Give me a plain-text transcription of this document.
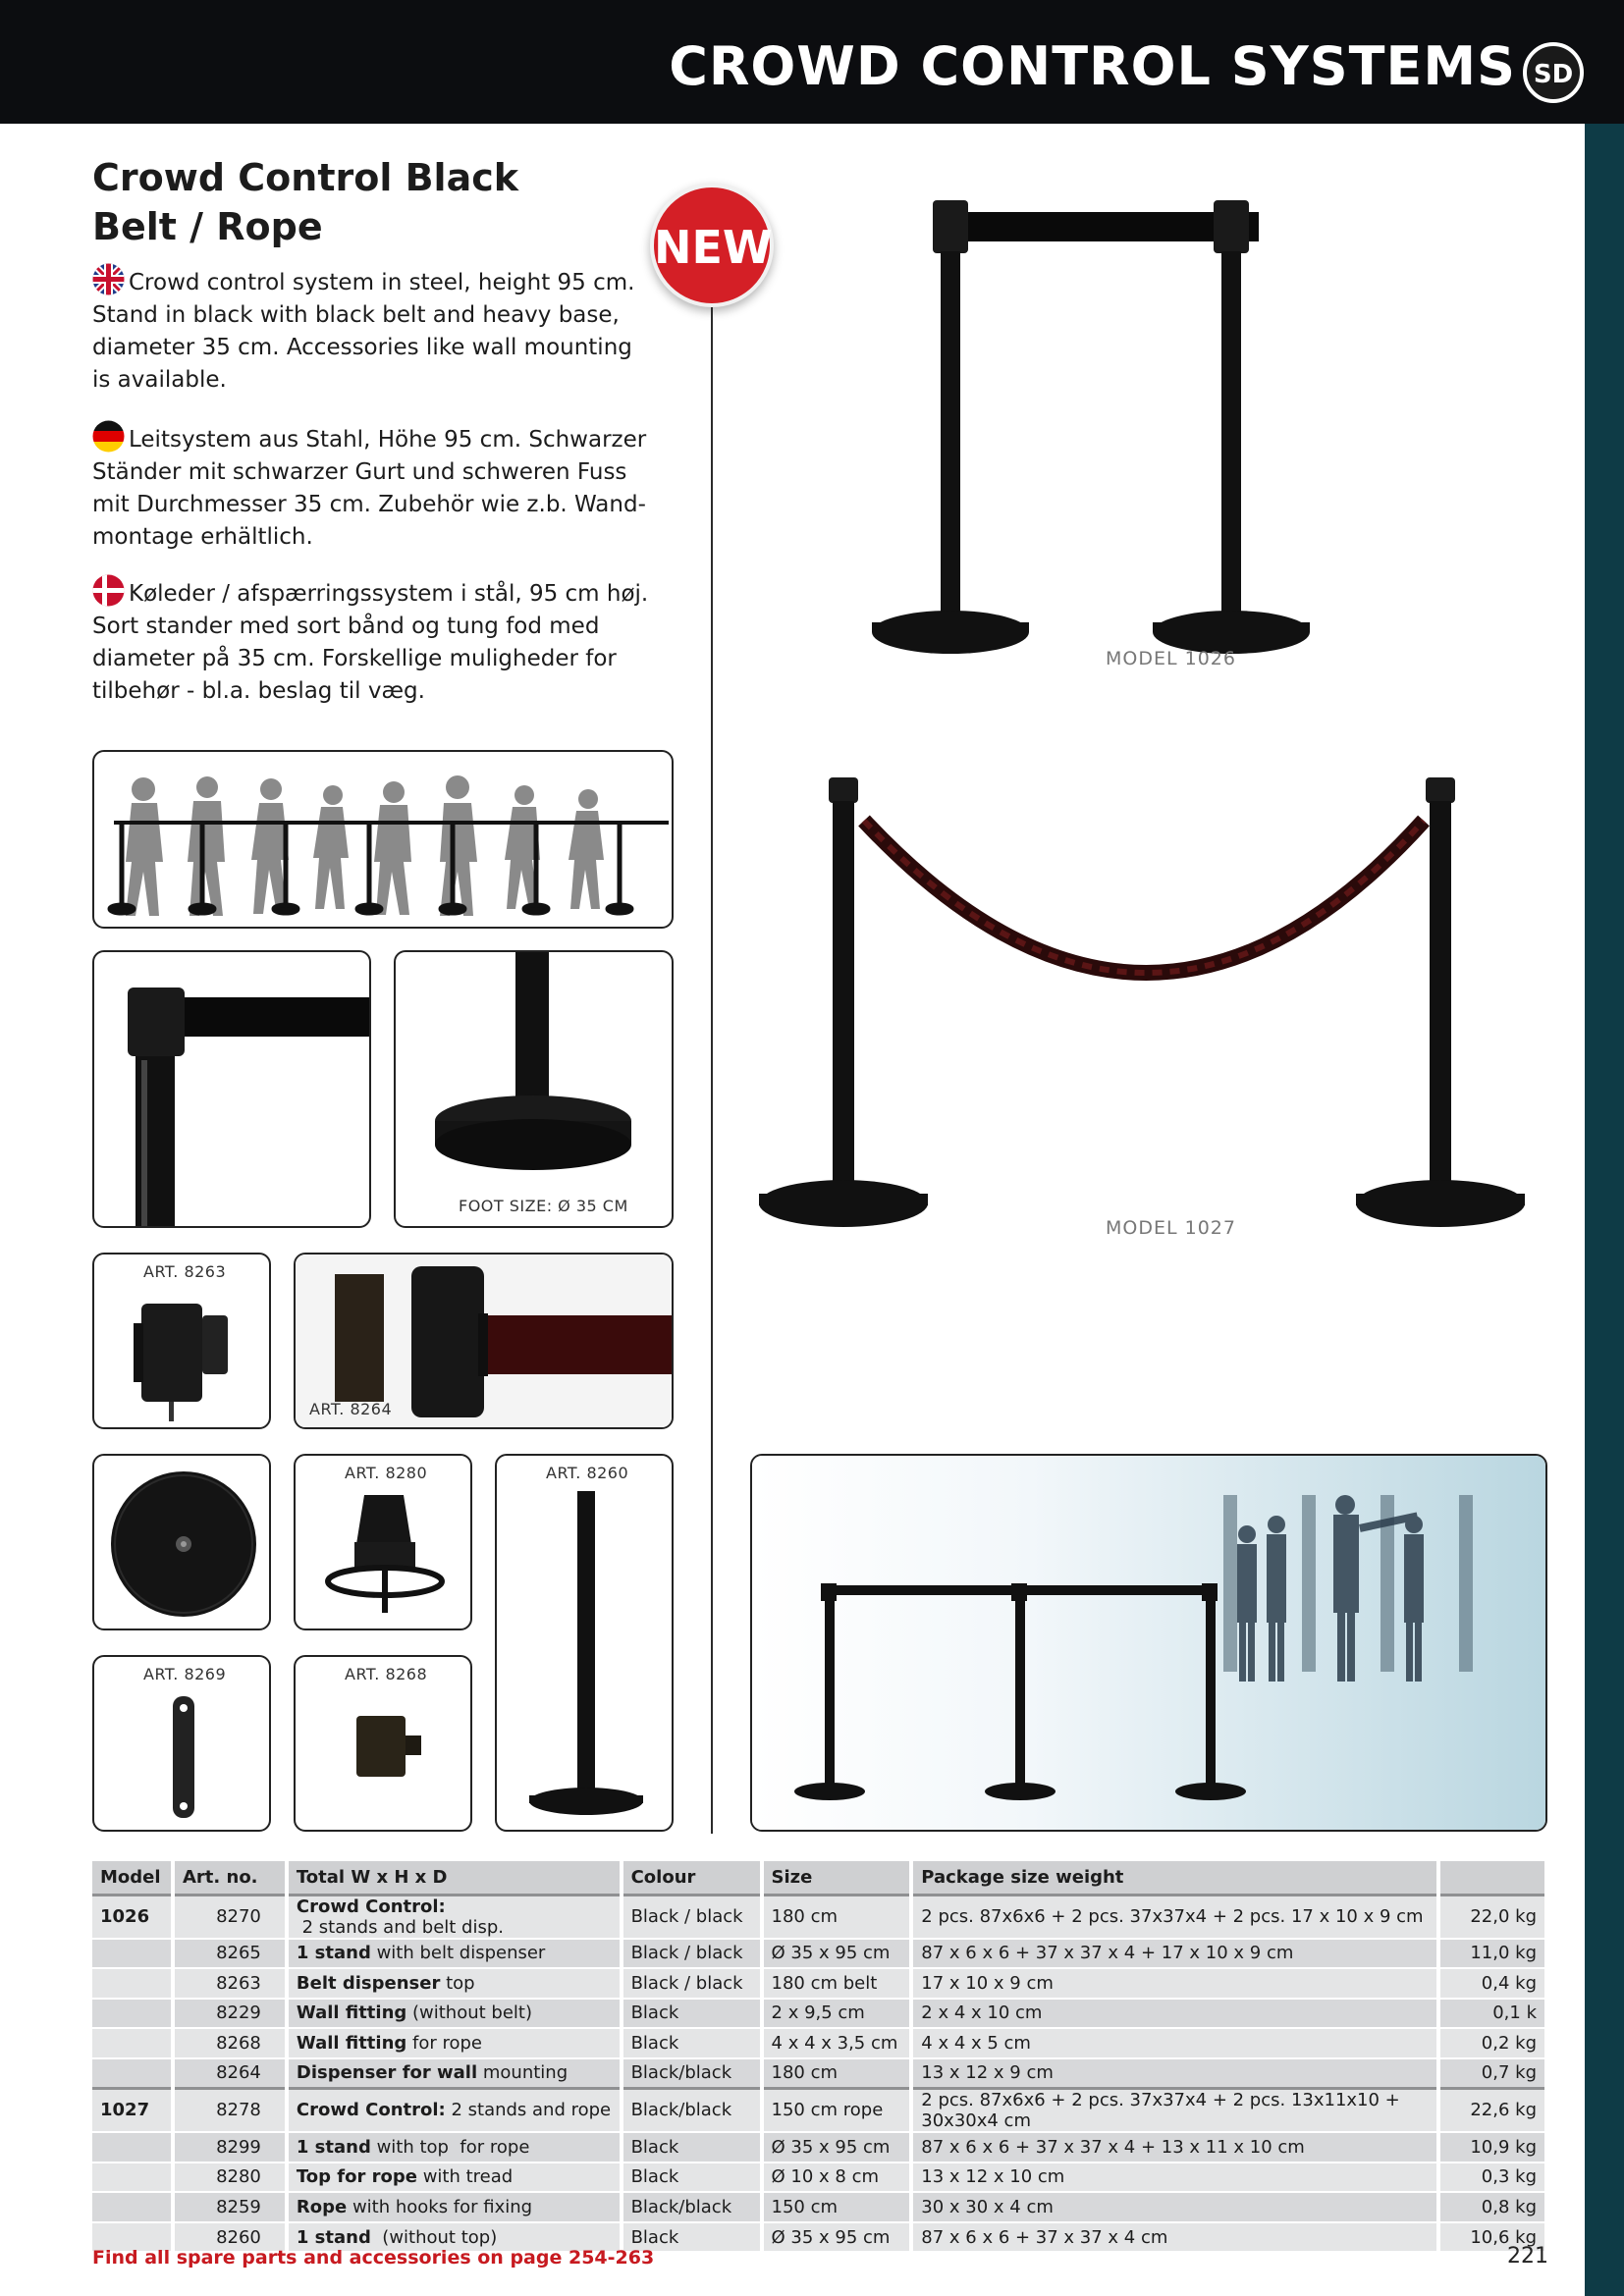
CROWD CONTROL SYSTEMS SD
Crowd Control Black
Belt / Rope
Crowd control system in steel, height 95 cm. Stand in black with black belt and heavy base, diameter 35 cm. Accessories like wall mounting is available.
Leitsystem aus Stahl, Höhe 95 cm. Schwarzer Ständer mit schwarzer Gurt und schweren Fuss mit Durchmesser 35 cm. Zubehör wie z.b. Wand-montage erhältlich.
Køleder / afspærringssystem i stål, 95 cm høj. Sort stander med sort bånd og tung fod med diameter på 35 cm. Forskellige muligheder for tilbehør - bl.a. beslag til væg.
NEW
FOOT SIZE: Ø 35 CM
ART. 8263
ART. 8264
ART. 8280	ART. 8260
ART. 8269	ART. 8268
MODEL 1026
MODEL 1027
Model	Art. no.	Total W x H x D	Colour	Size	Package size weight	
1026	8270	Crowd Control: 2 stands and belt disp.	Black / black	180 cm	2 pcs. 87x6x6 + 2 pcs. 37x37x4 + 2 pcs. 17 x 10 x 9 cm	22,0 kg
	8265	1 stand with belt dispenser	Black / black	Ø 35 x 95 cm	87 x 6 x 6 + 37 x 37 x 4 + 17 x 10 x 9 cm	11,0 kg
	8263	Belt dispenser top	Black / black	180 cm belt	17 x 10 x 9 cm	0,4 kg
	8229	Wall fitting (without belt)	Black	2 x 9,5 cm	2 x 4 x 10 cm	0,1 k
	8268	Wall fitting for rope	Black	4 x 4 x 3,5 cm	4 x 4 x 5 cm	0,2 kg
	8264	Dispenser for wall mounting	Black/black	180 cm	13 x 12 x 9 cm	0,7 kg
1027	8278	Crowd Control: 2 stands and rope	Black/black	150 cm rope	2 pcs. 87x6x6 + 2 pcs. 37x37x4 + 2 pcs. 13x11x10 + 30x30x4 cm	22,6 kg
	8299	1 stand with top  for rope	Black	Ø 35 x 95 cm	87 x 6 x 6 + 37 x 37 x 4 + 13 x 11 x 10 cm	10,9 kg
	8280	Top for rope with tread	Black	Ø 10 x 8 cm	13 x 12 x 10 cm	0,3 kg
	8259	Rope with hooks for fixing	Black/black	150 cm	30 x 30 x 4 cm	0,8 kg
	8260	1 stand  (without top)	Black	Ø 35 x 95 cm	87 x 6 x 6 + 37 x 37 x 4 cm	10,6 kg
Find all spare parts and accessories on page 254-263	221
